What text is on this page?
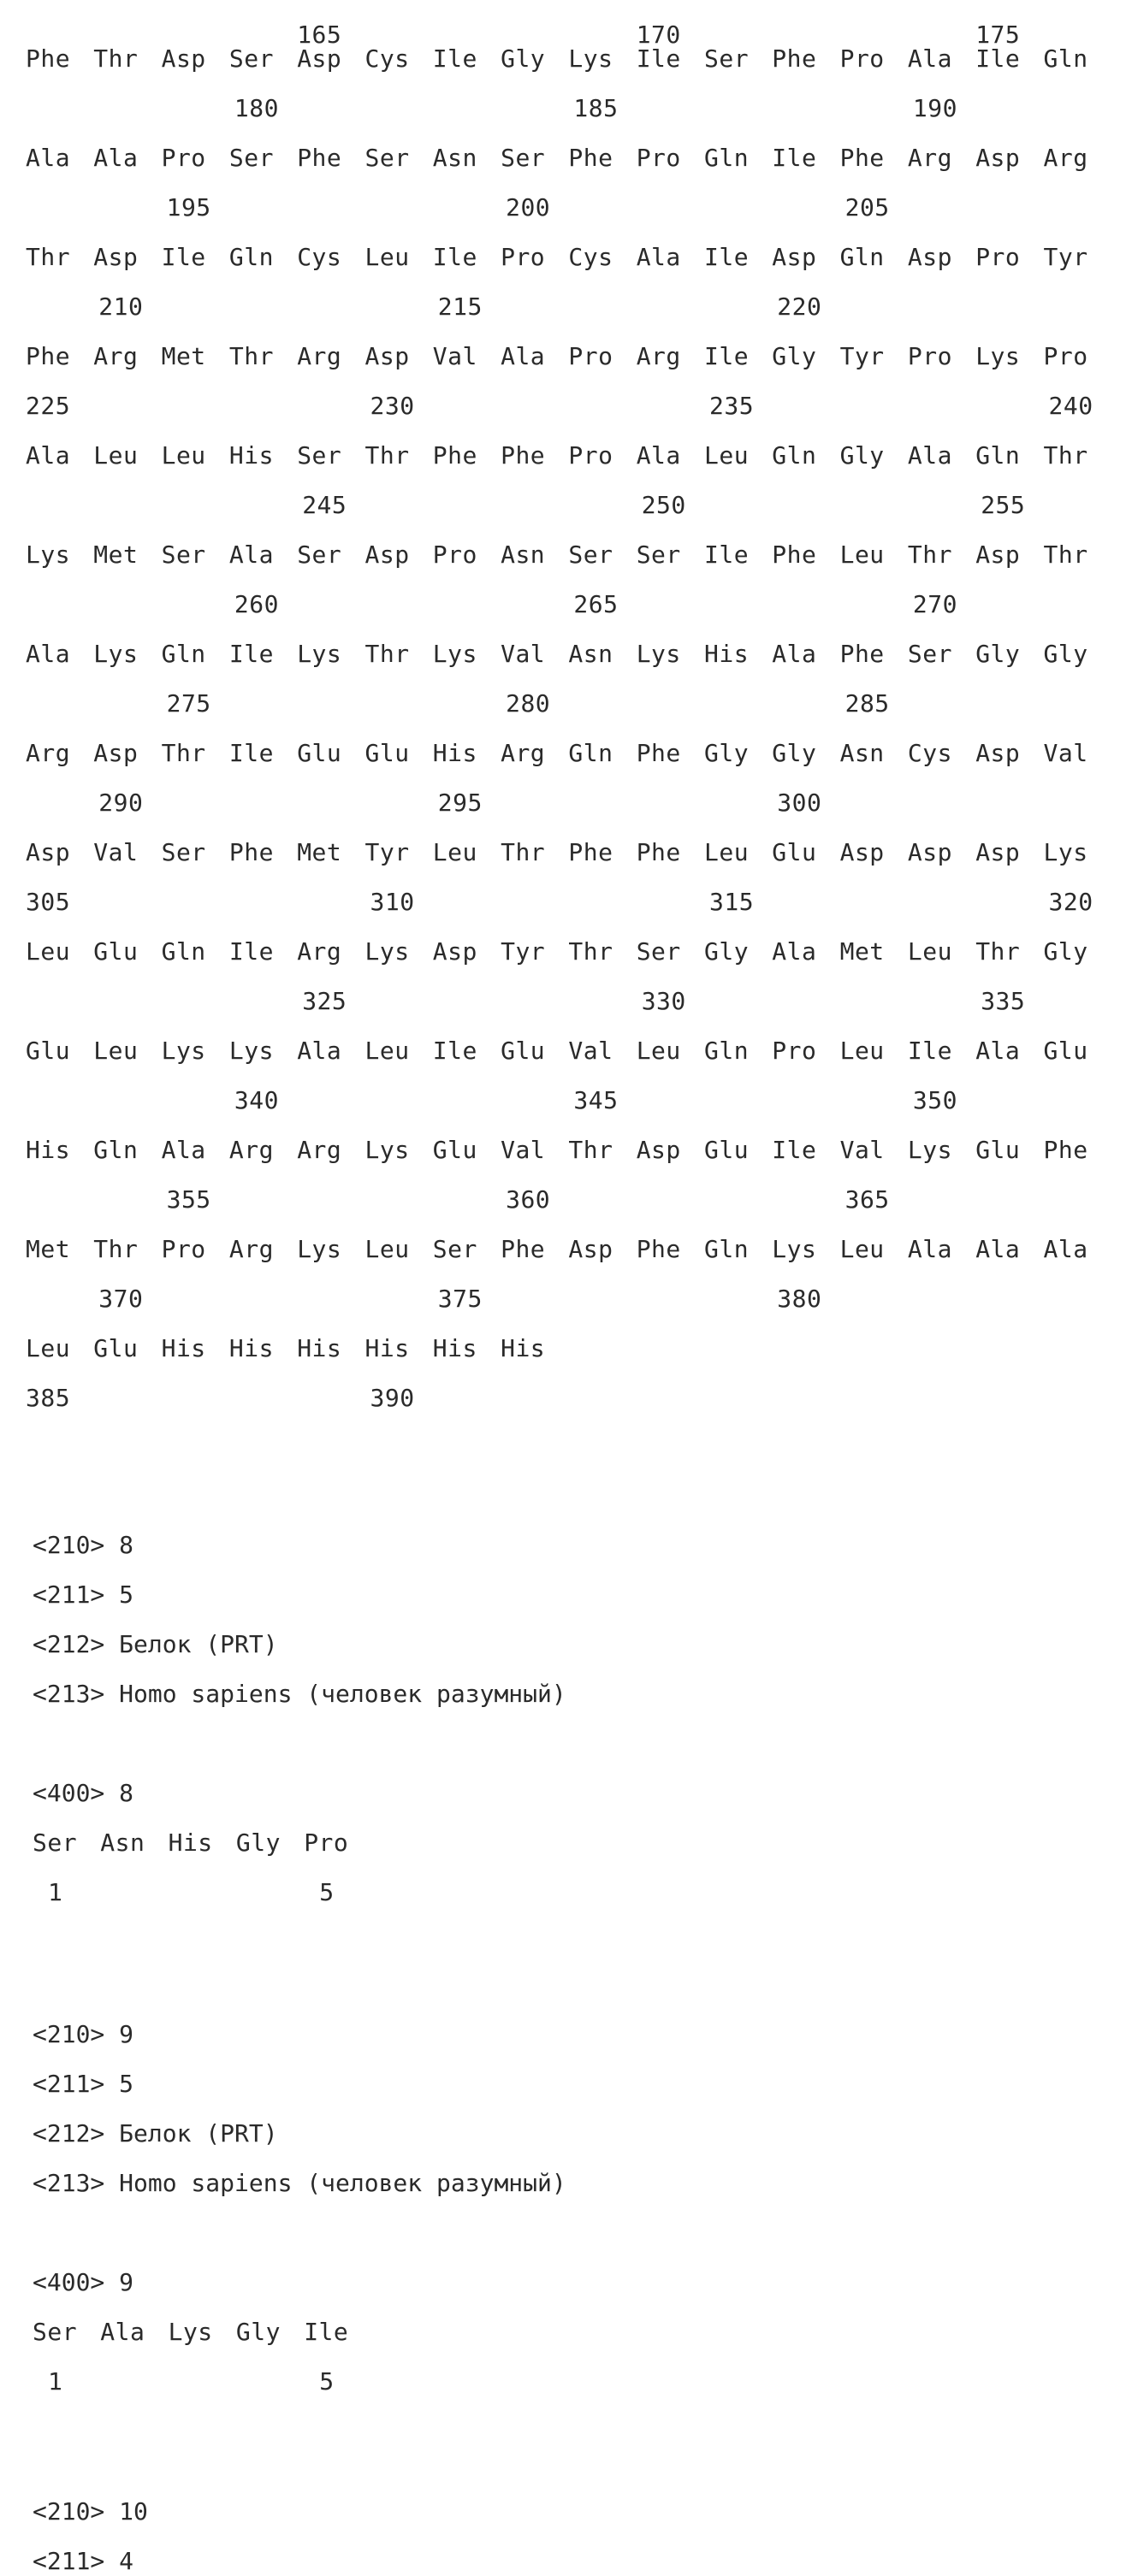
165	170	175
Phe Thr Asp Ser Asp Cys Ile Gly Lys Ile Ser Phe Pro Ala Ile Gln
180	185	190
Ala Ala Pro Ser Phe Ser Asn Ser Phe Pro Gln Ile Phe Arg Asp Arg
195	200	205
Thr Asp Ile Gln Cys Leu Ile Pro Cys Ala Ile Asp Gln Asp Pro Tyr
210	215	220
Phe Arg Met Thr Arg Asp Val Ala Pro Arg Ile Gly Tyr Pro Lys Pro
225	230	235	240
Ala Leu Leu His Ser Thr Phe Phe Pro Ala Leu Gln Gly Ala Gln Thr
245	250	255
Lys Met Ser Ala Ser Asp Pro Asn Ser Ser Ile Phe Leu Thr Asp Thr
260	265	270
Ala Lys Gln Ile Lys Thr Lys Val Asn Lys His Ala Phe Ser Gly Gly
275	280	285
Arg Asp Thr Ile Glu Glu His Arg Gln Phe Gly Gly Asn Cys Asp Val
290	295	300
Asp Val Ser Phe Met Tyr Leu Thr Phe Phe Leu Glu Asp Asp Asp Lys
305	310	315	320
Leu Glu Gln Ile Arg Lys Asp Tyr Thr Ser Gly Ala Met Leu Thr Gly
325	330	335
Glu Leu Lys Lys Ala Leu Ile Glu Val Leu Gln Pro Leu Ile Ala Glu
340	345	350
His Gln Ala Arg Arg Lys Glu Val Thr Asp Glu Ile Val Lys Glu Phe
355	360	365
Met Thr Pro Arg Lys Leu Ser Phe Asp Phe Gln Lys Leu Ala Ala Ala
370	375	380
Leu Glu His His His His His His
385	390
<210> 8
<211> 5
<212> Белок (PRT)
<213> Homo sapiens (человек разумный)
<400> 8
Ser Asn His Gly Pro
1	5
<210> 9
<211> 5
<212> Белок (PRT)
<213> Homo sapiens (человек разумный)
<400> 9
Ser Ala Lys Gly Ile
1	5
<210> 10
<211> 4
